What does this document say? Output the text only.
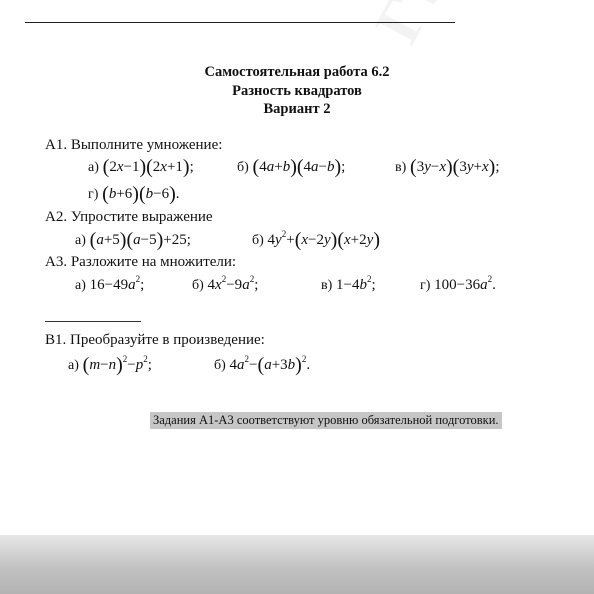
Самостоятельная работа 6.2
Разность квадратов
Вариант 2
А1. Выполните умножение:
а) (2x−1)(2x+1);	б) (4a+b)(4a−b);	в) (3y−x)(3y+x);
г) (b+6)(b−6).
А2. Упростите выражение
а) (a+5)(a−5)+25;	б) $4y^2+(x-2y)(x+2y)$
А3. Разложите на множители:
а) $16-49a^2$;	б) $4x^2-9a^2$;	в) $1-4b^2$;	г) $100-36a^2$.
В1. Преобразуйте в произведение:
а) $(m-n)^2-p^2$;	б) $4a^2-(a+3b)^2$.
Задания А1-А3 соответствуют уровню обязательной подготовки.
